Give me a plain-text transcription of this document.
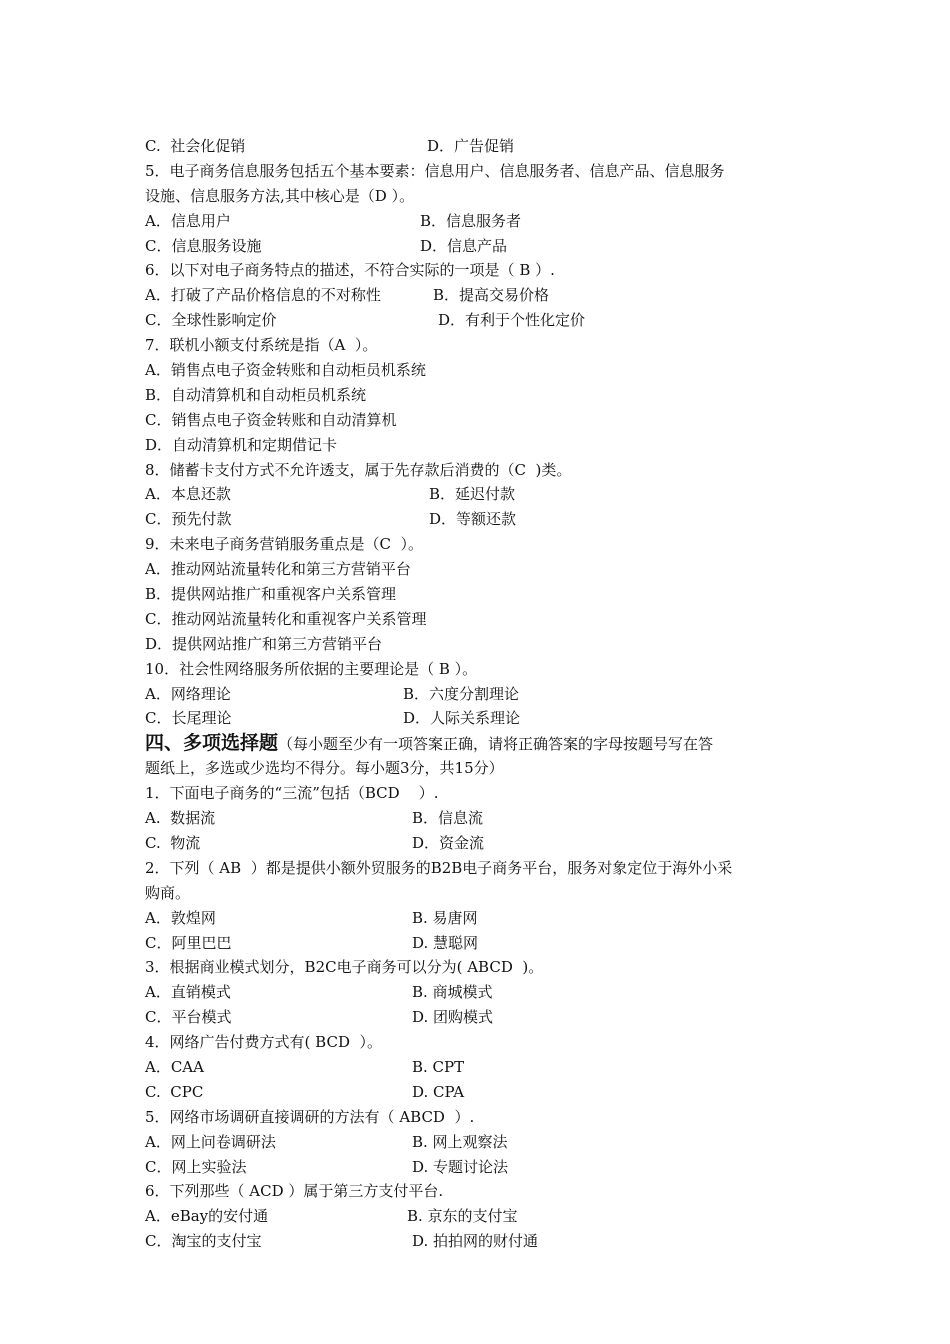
C.  社会化促销	D．广告促销
5．电子商务信息服务包括五个基本要素：信息用户、信息服务者、信息产品、信息服务
设施、信息服务方法,其中核心是（D ）。
A．信息用户	B．信息服务者
C．信息服务设施	D．信息产品
6．以下对电子商务特点的描述，不符合实际的一项是（ B ）.
A．打破了产品价格信息的不对称性	B．提高交易价格
C．全球性影响定价	D．有利于个性化定价
7．联机小额支付系统是指（A  ）。
A．销售点电子资金转账和自动柜员机系统
B．自动清算机和自动柜员机系统
C．销售点电子资金转账和自动清算机
D．自动清算机和定期借记卡
8．储蓄卡支付方式不允许透支，属于先存款后消费的（C  )类。
A．本息还款	B．延迟付款
C．预先付款	D．等额还款
9．未来电子商务营销服务重点是（C  ）。
A．推动网站流量转化和第三方营销平台
B．提供网站推广和重视客户关系管理
C．推动网站流量转化和重视客户关系管理
D．提供网站推广和第三方营销平台
10．社会性网络服务所依据的主要理论是（ B ）。
A．网络理论	B．六度分割理论
C．长尾理论	D．人际关系理论
四、多项选择题（每小题至少有一项答案正确，请将正确答案的字母按题号写在答
题纸上，多选或少选均不得分。每小题3分，共15分）
1．下面电子商务的“三流”包括（BCD    ）.
A.  数据流	B．信息流
C.  物流	D．资金流
2．下列（ AB  ）都是提供小额外贸服务的B2B电子商务平台，服务对象定位于海外小采
购商。
A．敦煌网	B. 易唐网
C．阿里巴巴	D. 慧聪网
3．根据商业模式划分，B2C电子商务可以分为( ABCD  )。
A．直销模式	B. 商城模式
C．平台模式	D. 团购模式
4．网络广告付费方式有( BCD  ）。
A．CAA	B. CPT
C.  CPC	D. CPA
5．网络市场调研直接调研的方法有（ ABCD  ）.
A．网上问卷调研法	B. 网上观察法
C．网上实验法	D. 专题讨论法
6．下列那些（ ACD ）属于第三方支付平台.
A．eBay的安付通	B. 京东的支付宝
C．淘宝的支付宝	D. 拍拍网的财付通
